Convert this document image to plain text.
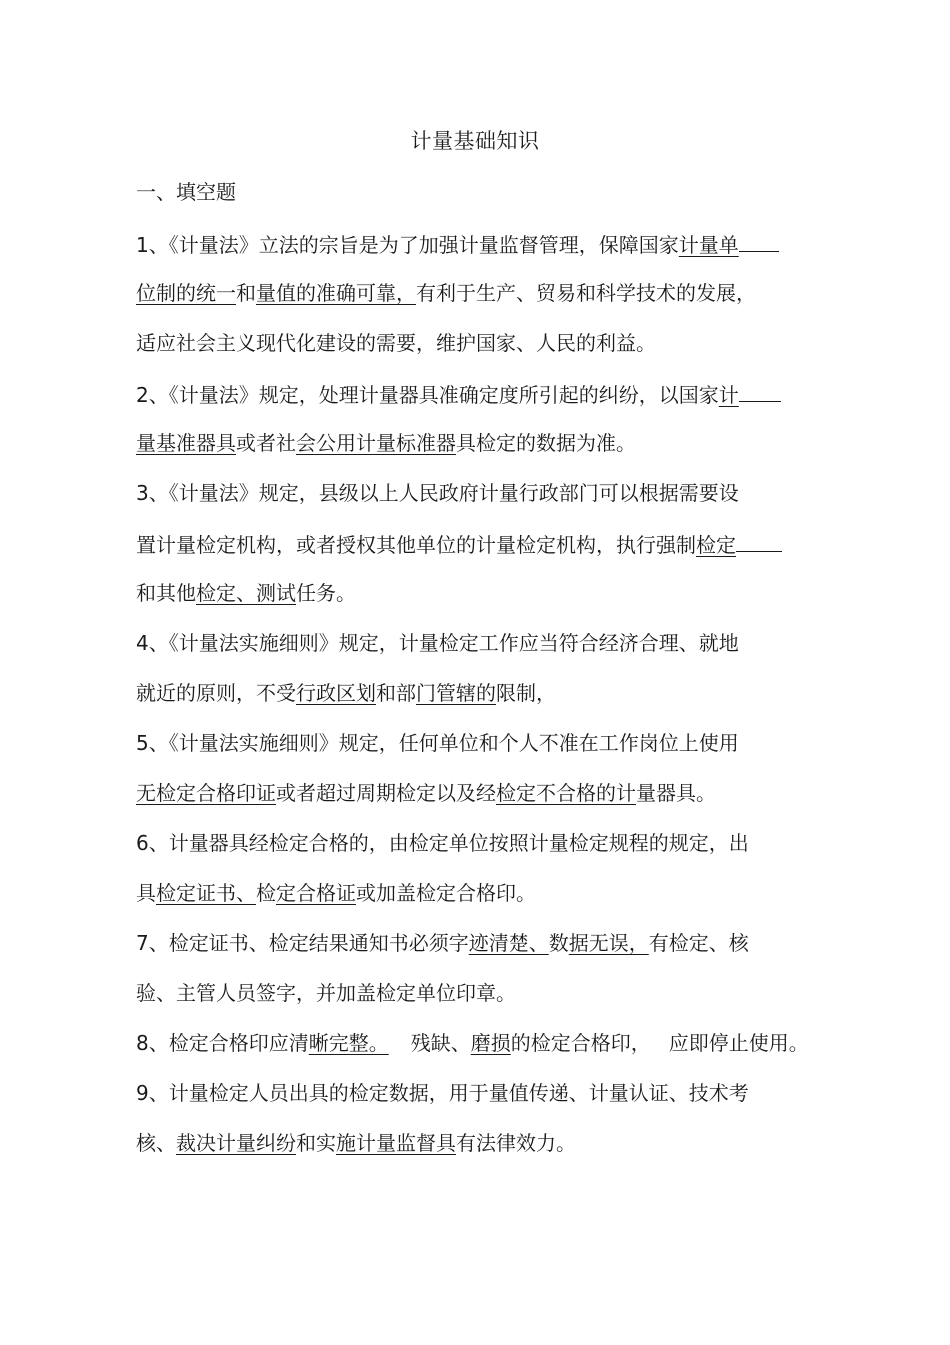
计量基础知识
一、填空题
1、《计量法》立法的宗旨是为了加强计量监督管理，保障国家计量单
位制的统一和量值的准确可靠，有利于生产、贸易和科学技术的发展，
适应社会主义现代化建设的需要，维护国家、人民的利益。
2、《计量法》规定，处理计量器具准确定度所引起的纠纷，以国家计
量基准器具或者社会公用计量标准器具检定的数据为准。
3、《计量法》规定，县级以上人民政府计量行政部门可以根据需要设
置计量检定机构，或者授权其他单位的计量检定机构，执行强制检定
和其他检定、测试任务。
4、《计量法实施细则》规定，计量检定工作应当符合经济合理、就地
就近的原则，不受行政区划和部门管辖的限制，
5、《计量法实施细则》规定，任何单位和个人不准在工作岗位上使用
无检定合格印证或者超过周期检定以及经检定不合格的计量器具。
6、计量器具经检定合格的，由检定单位按照计量检定规程的规定，出
具检定证书、检定合格证或加盖检定合格印。
7、检定证书、检定结果通知书必须字迹清楚、数据无误，有检定、核
验、主管人员签字，并加盖检定单位印章。
8、检定合格印应清晰完整。 残缺、磨损的检定合格印， 应即停止使用。
9、计量检定人员出具的检定数据，用于量值传递、计量认证、技术考
核、裁决计量纠纷和实施计量监督具有法律效力。
